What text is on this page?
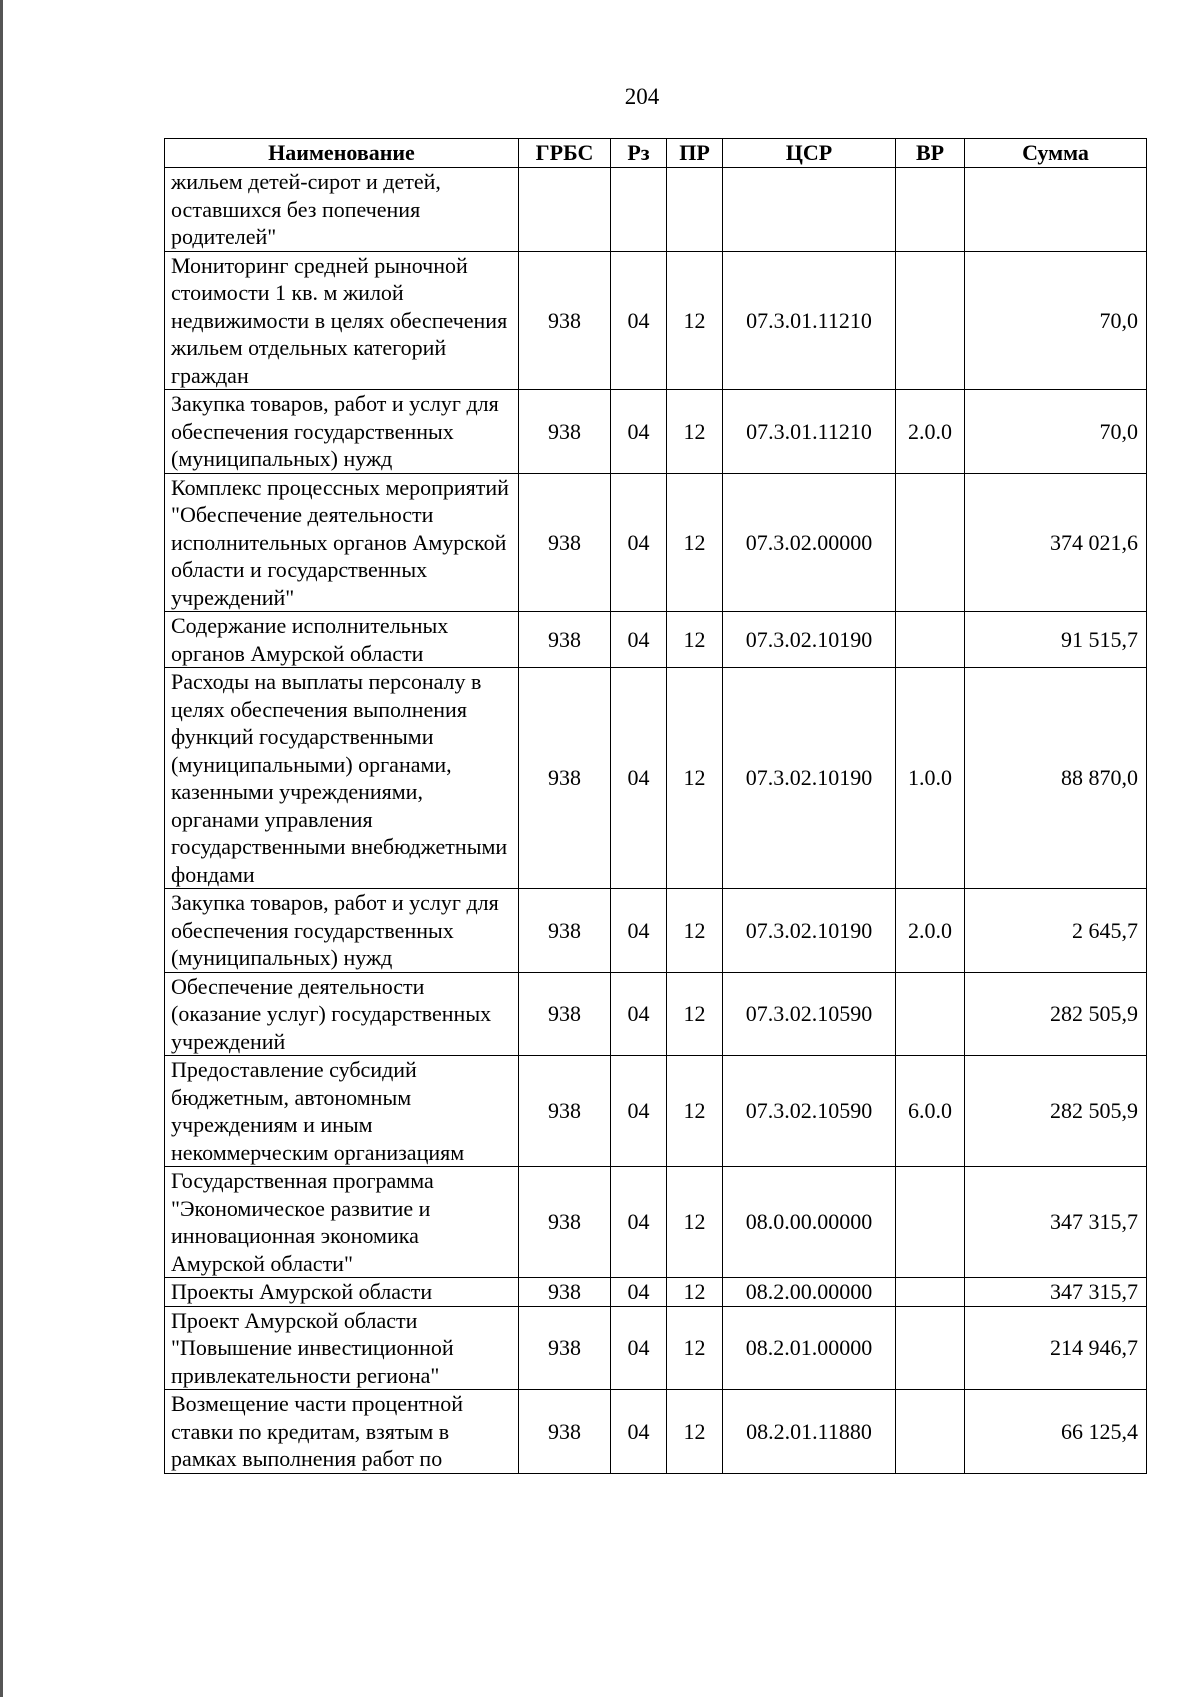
204
Наименование	ГРБС	Рз	ПР	ЦСР	ВР	Сумма
жильем детей-сирот и детей, оставшихся без попечения родителей"						
Мониторинг средней рыночной стоимости 1 кв. м жилой недвижимости в целях обеспечения жильем отдельных категорий граждан	938	04	12	07.3.01.11210		70,0
Закупка товаров, работ и услуг для обеспечения государственных (муниципальных) нужд	938	04	12	07.3.01.11210	2.0.0	70,0
Комплекс процессных мероприятий "Обеспечение деятельности исполнительных органов Амурской области и государственных учреждений"	938	04	12	07.3.02.00000		374 021,6
Содержание исполнительных органов Амурской области	938	04	12	07.3.02.10190		91 515,7
Расходы на выплаты персоналу в целях обеспечения выполнения функций государственными (муниципальными) органами, казенными учреждениями, органами управления государственными внебюджетными фондами	938	04	12	07.3.02.10190	1.0.0	88 870,0
Закупка товаров, работ и услуг для обеспечения государственных (муниципальных) нужд	938	04	12	07.3.02.10190	2.0.0	2 645,7
Обеспечение деятельности (оказание услуг) государственных учреждений	938	04	12	07.3.02.10590		282 505,9
Предоставление субсидий бюджетным, автономным учреждениям и иным некоммерческим организациям	938	04	12	07.3.02.10590	6.0.0	282 505,9
Государственная программа "Экономическое развитие и инновационная экономика Амурской области"	938	04	12	08.0.00.00000		347 315,7
Проекты Амурской области	938	04	12	08.2.00.00000		347 315,7
Проект Амурской области "Повышение инвестиционной привлекательности региона"	938	04	12	08.2.01.00000		214 946,7
Возмещение части процентной ставки по кредитам, взятым в рамках выполнения работ по	938	04	12	08.2.01.11880		66 125,4
